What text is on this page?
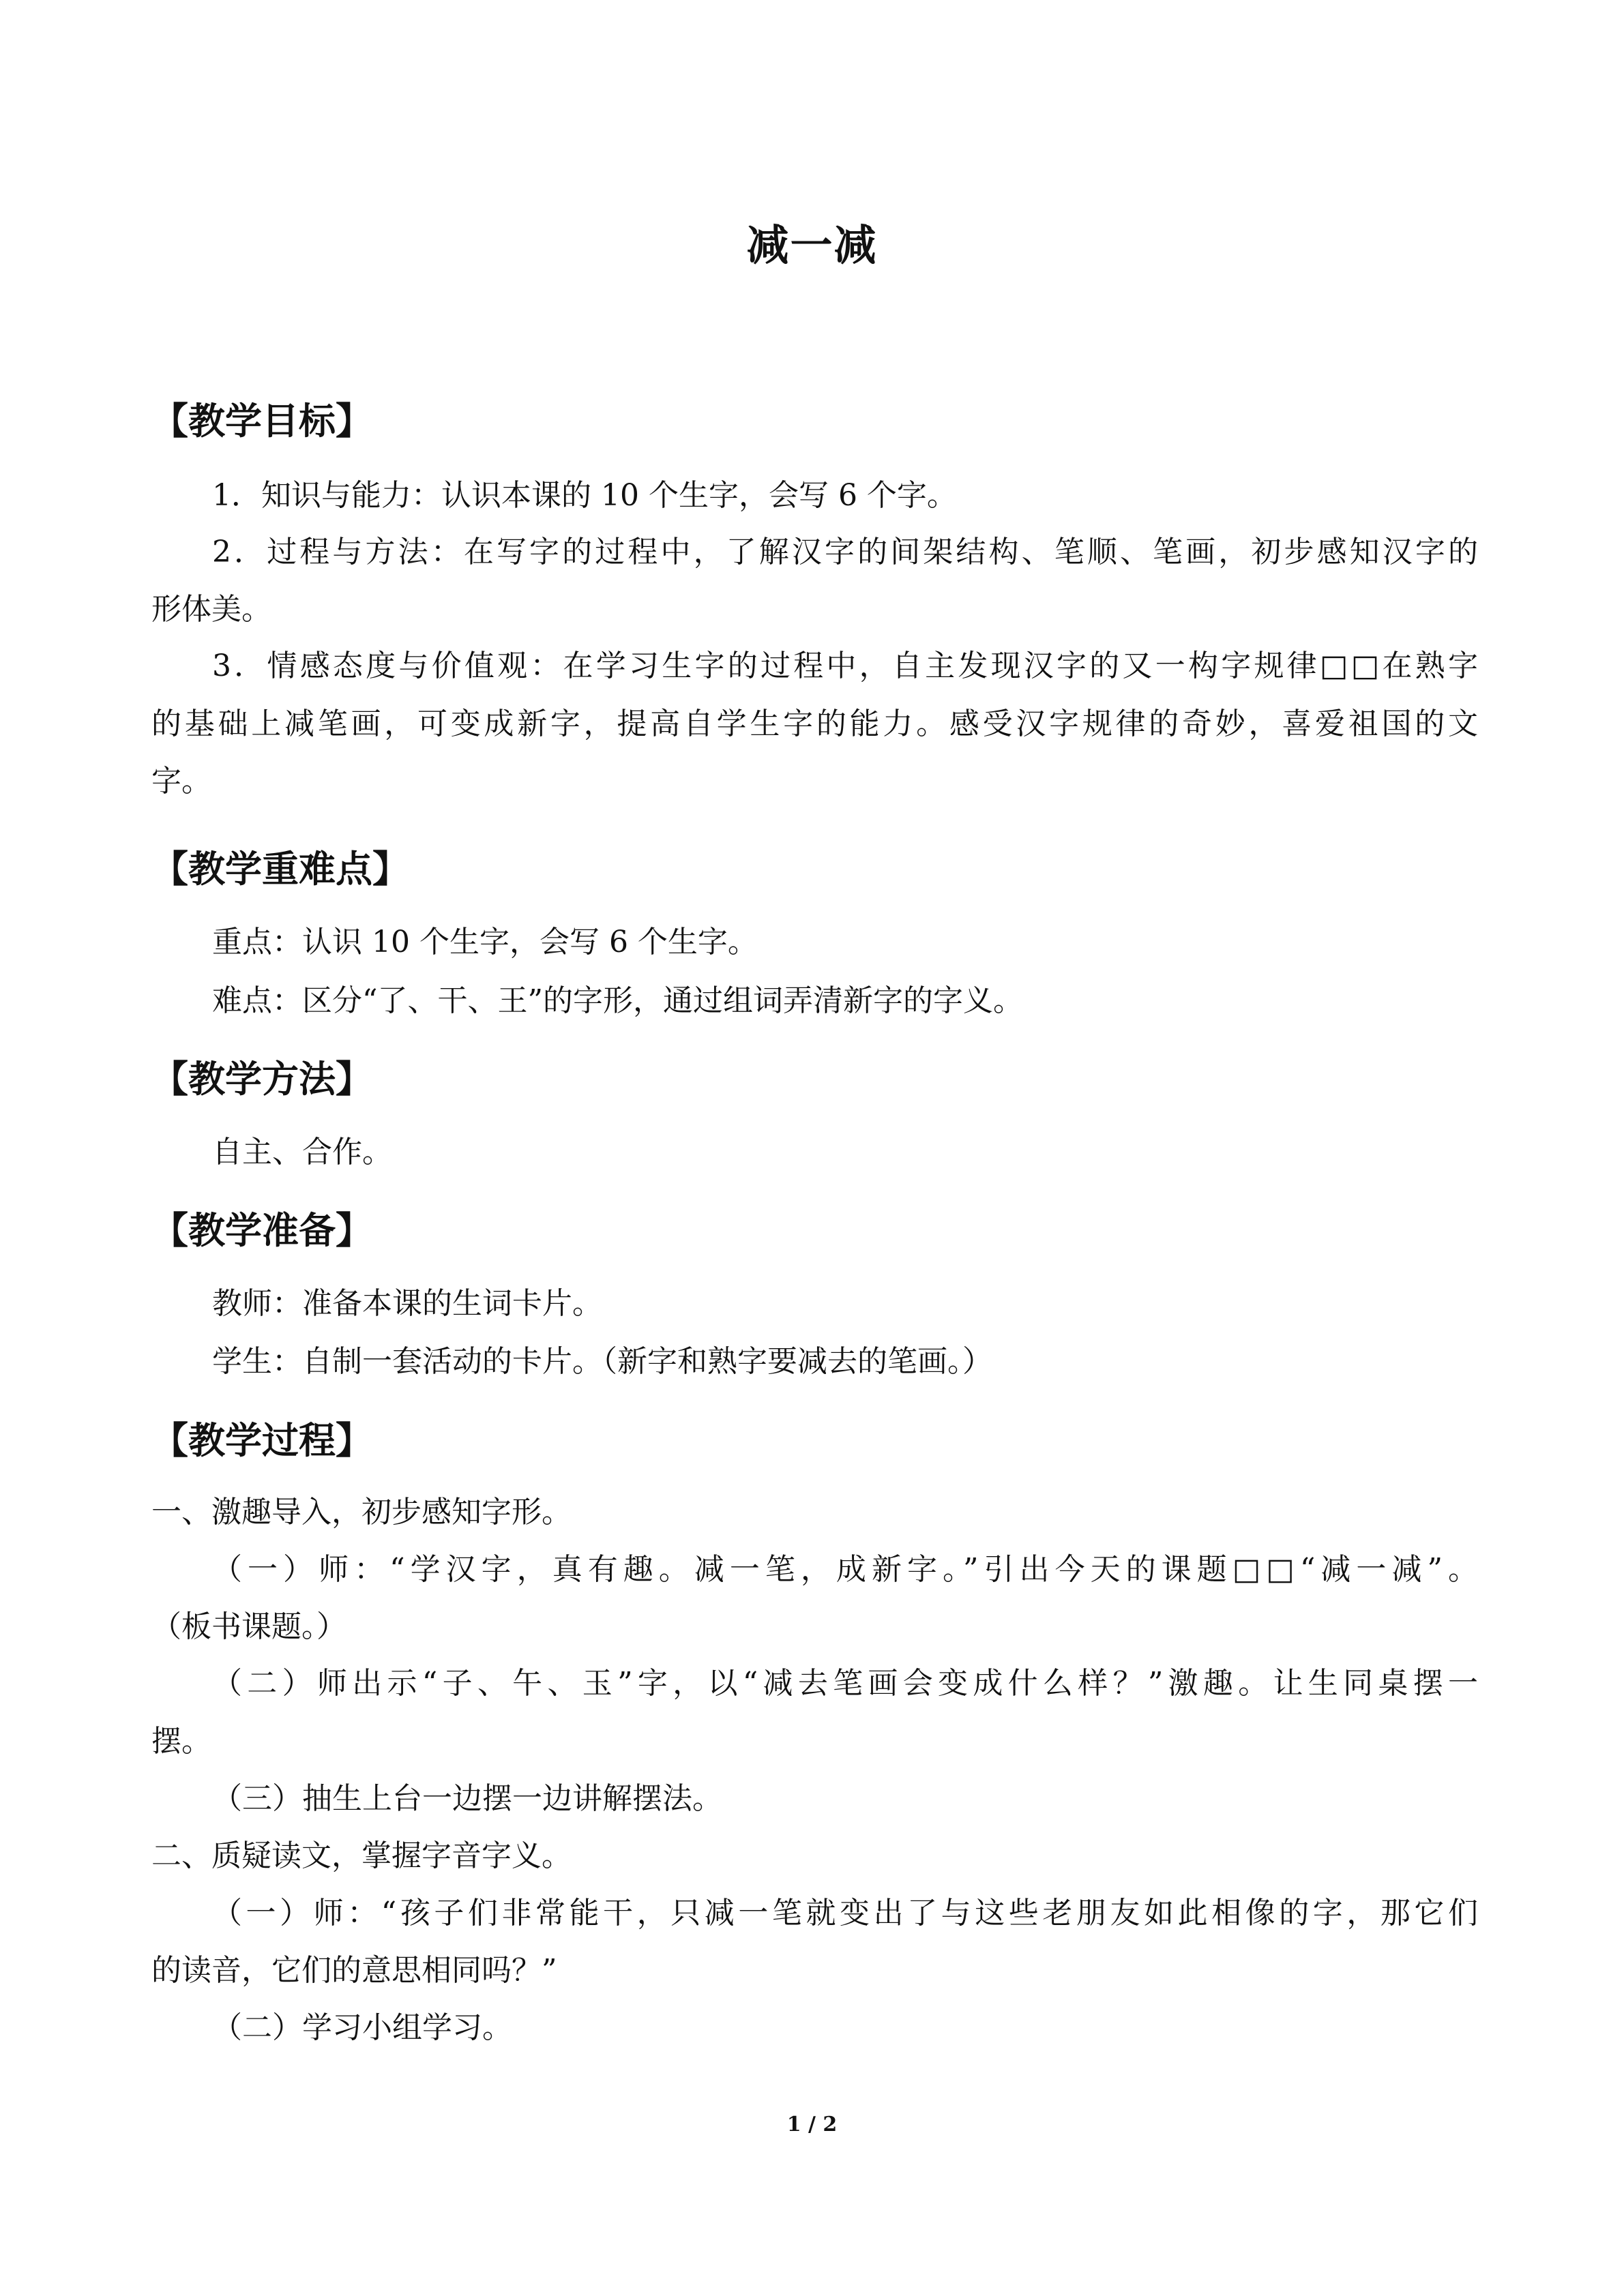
减一减
【教学目标】
1．知识与能力：认识本课的 10 个生字，会写 6 个字。
2．过程与方法：在写字的过程中，了解汉字的间架结构、笔顺、笔画，初步感知汉字的
形体美。
3．情感态度与价值观：在学习生字的过程中，自主发现汉字的又一构字规律□□在熟字
的基础上减笔画，可变成新字，提高自学生字的能力。感受汉字规律的奇妙，喜爱祖国的文
字。
【教学重难点】
重点：认识 10 个生字，会写 6 个生字。
难点：区分“了、干、王”的字形，通过组词弄清新字的字义。
【教学方法】
自主、合作。
【教学准备】
教师：准备本课的生词卡片。
学生：自制一套活动的卡片。（新字和熟字要减去的笔画。）
【教学过程】
一、激趣导入，初步感知字形。
（一）师：“学汉字，真有趣。减一笔，成新字。”引出今天的课题□□“减一减”。
（板书课题。）
（二）师出示“子、午、玉”字，以“减去笔画会变成什么样？”激趣。让生同桌摆一
摆。
（三）抽生上台一边摆一边讲解摆法。
二、质疑读文，掌握字音字义。
（一）师：“孩子们非常能干，只减一笔就变出了与这些老朋友如此相像的字，那它们
的读音，它们的意思相同吗？”
（二）学习小组学习。
1 / 2
